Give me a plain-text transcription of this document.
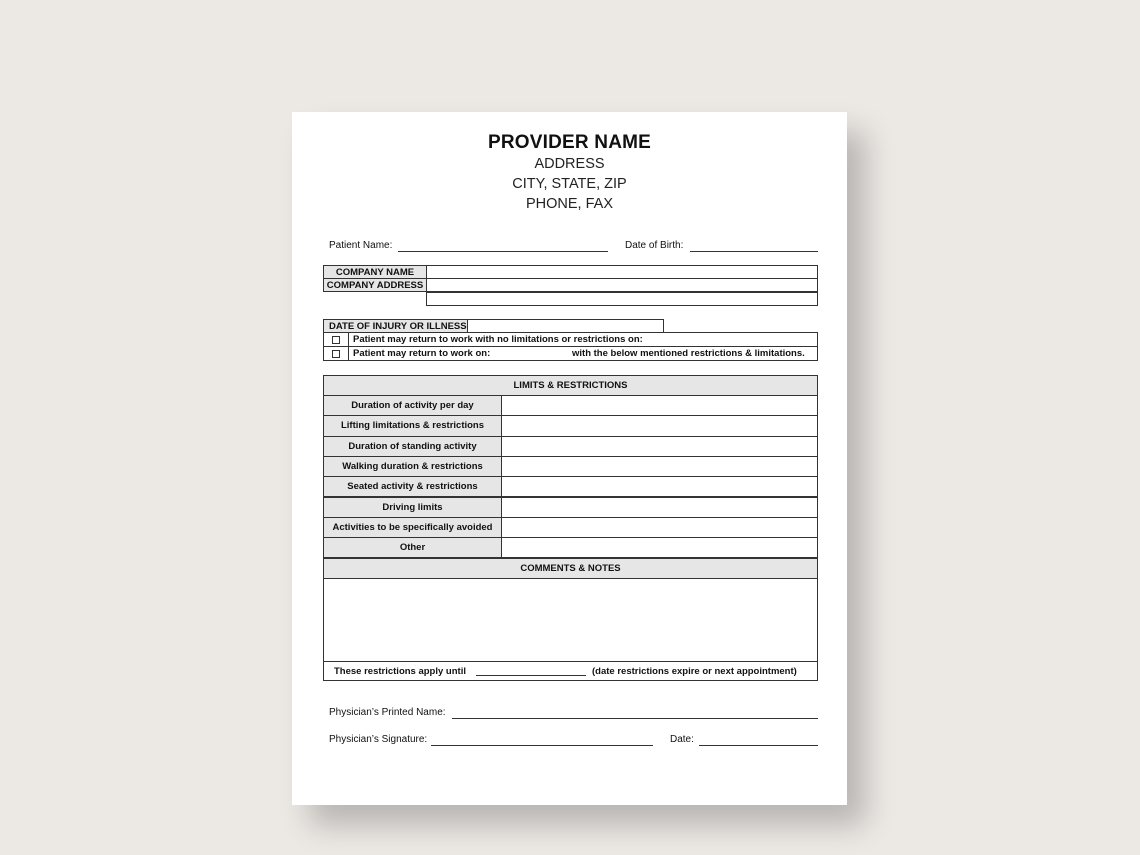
PROVIDER NAME
ADDRESS
CITY, STATE, ZIP
PHONE, FAX
Patient Name:	Date of Birth:
COMPANY NAME
COMPANY ADDRESS
DATE OF INJURY OR ILLNESS
Patient may return to work with no limitations or restrictions on:
Patient may return to work on:	with the below mentioned restrictions & limitations.
LIMITS & RESTRICTIONS
Duration of activity per day
Lifting limitations & restrictions
Duration of standing activity
Walking duration & restrictions
Seated activity & restrictions
Driving limits
Activities to be specifically avoided
Other
COMMENTS & NOTES
These restrictions apply until	(date restrictions expire or next appointment)
Physician’s Printed Name:
Physician’s Signature:	Date:
